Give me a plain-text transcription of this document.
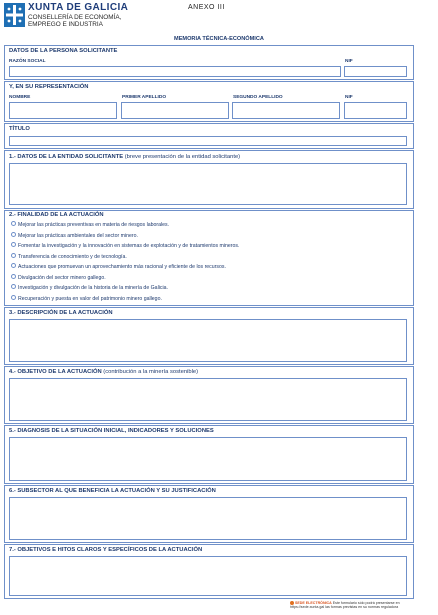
XUNTA DE GALICIA
CONSELLERÍA DE ECONOMÍA,
EMPREGO E INDUSTRIA
ANEXO III
MEMORIA TÉCNICA-ECONÓMICA
DATOS DE LA PERSONA SOLICITANTE
RAZÓN SOCIAL	NIF
Y, EN SU REPRESENTACIÓN
NOMBRE	PRIMER APELLIDO	SEGUNDO APELLIDO	NIF
TÍTULO
1.- DATOS DE LA ENTIDAD SOLICITANTE (breve presentación de la entidad solicitante)
2.- FINALIDAD DE LA ACTUACIÓN
Mejorar las prácticas preventivas en materia de riesgos laborales.
Mejorar las prácticas ambientales del sector minero.
Fomentar la investigación y la innovación en sistemas de explotación y de tratamientos mineros.
Transferencia de conocimiento y de tecnología.
Actuaciones que promuevan un aprovechamiento más racional y eficiente de los recursos.
Divulgación del sector minero gallego.
Investigación y divulgación de la historia de la minería de Galicia.
Recuperación y puesta en valor del patrimonio minero gallego.
3.- DESCRIPCIÓN DE LA ACTUACIÓN
4.- OBJETIVO DE LA ACTUACIÓN (contribución a la minería sostenible)
5.- DIAGNOSIS DE LA SITUACIÓN INICIAL, INDICADORES Y SOLUCIONES
6.- SUBSECTOR AL QUE BENEFICIA LA ACTUACIÓN Y SU JUSTIFICACIÓN
7.- OBJETIVOS E HITOS CLAROS Y ESPECÍFICOS DE LA ACTUACIÓN
SEDE ELECTRÓNICA Este formulario sólo podrá presentarse en
https://sede.xunta.gal las formas previstas en su normas reguladora
